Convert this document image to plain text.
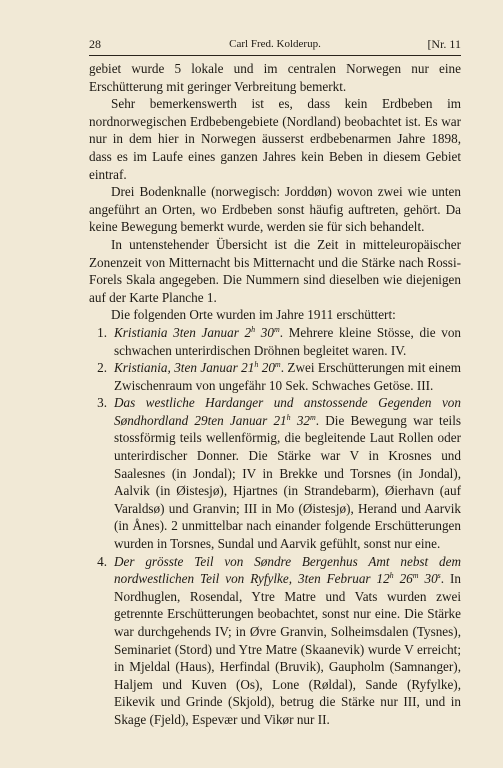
28	Carl Fred. Kolderup.	[Nr. 11

gebiet wurde 5 lokale und im centralen Norwegen nur eine Erschütterung mit geringer Verbreitung bemerkt.

Sehr bemerkenswerth ist es, dass kein Erdbeben im nordnorwegischen Erdbebengebiete (Nordland) beobachtet ist. Es war nur in dem hier in Norwegen äusserst erdbebenarmen Jahre 1898, dass es im Laufe eines ganzen Jahres kein Beben in diesem Gebiet eintraf.

Drei Bodenknalle (norwegisch: Jorddøn) wovon zwei wie unten angeführt an Orten, wo Erdbeben sonst häufig auftreten, gehört. Da keine Bewegung bemerkt wurde, werden sie für sich behandelt.

In untenstehender Übersicht ist die Zeit in mitteleuropäischer Zonenzeit von Mitternacht bis Mitternacht und die Stärke nach Rossi-Forels Skala angegeben. Die Nummern sind dieselben wie diejenigen auf der Karte Planche 1.

Die folgenden Orte wurden im Jahre 1911 erschüttert:

1. Kristiania 3ten Januar 2$^h$ 30$^m$. Mehrere kleine Stösse, die von schwachen unterirdischen Dröhnen begleitet waren. IV.

2. Kristiania, 3ten Januar 21$^h$ 20$^m$. Zwei Erschütterungen mit einem Zwischenraum von ungefähr 10 Sek. Schwaches Getöse. III.

3. Das westliche Hardanger und anstossende Gegenden von Søndhordland 29ten Januar 21$^h$ 32$^m$. Die Bewegung war teils stossförmig teils wellenförmig, die begleitende Laut Rollen oder unterirdischer Donner. Die Stärke war V in Krosnes und Saalesnes (in Jondal); IV in Brekke und Torsnes (in Jondal), Aalvik (in Øistesjø), Hjartnes (in Strandebarm), Øierhavn (auf Varaldsø) und Granvin; III in Mo (Øistesjø), Herand und Aarvik (in Ånes). 2 unmittelbar nach einander folgende Erschütterungen wurden in Torsnes, Sundal und Aarvik gefühlt, sonst nur eine.

4. Der grösste Teil von Søndre Bergenhus Amt nebst dem nordwestlichen Teil von Ryfylke, 3ten Februar 12$^h$ 26$^m$ 30$^s$. In Nordhuglen, Rosendal, Ytre Matre und Vats wurden zwei getrennte Erschütterungen beobachtet, sonst nur eine. Die Stärke war durchgehends IV; in Øvre Granvin, Solheimsdalen (Tysnes), Seminariet (Stord) und Ytre Matre (Skaanevik) wurde V erreicht; in Mjeldal (Haus), Herfindal (Bruvik), Gaupholm (Samnanger), Haljem und Kuven (Os), Lone (Røldal), Sande (Ryfylke), Eikevik und Grinde (Skjold), betrug die Stärke nur III, und in Skage (Fjeld), Espevær und Vikør nur II.
